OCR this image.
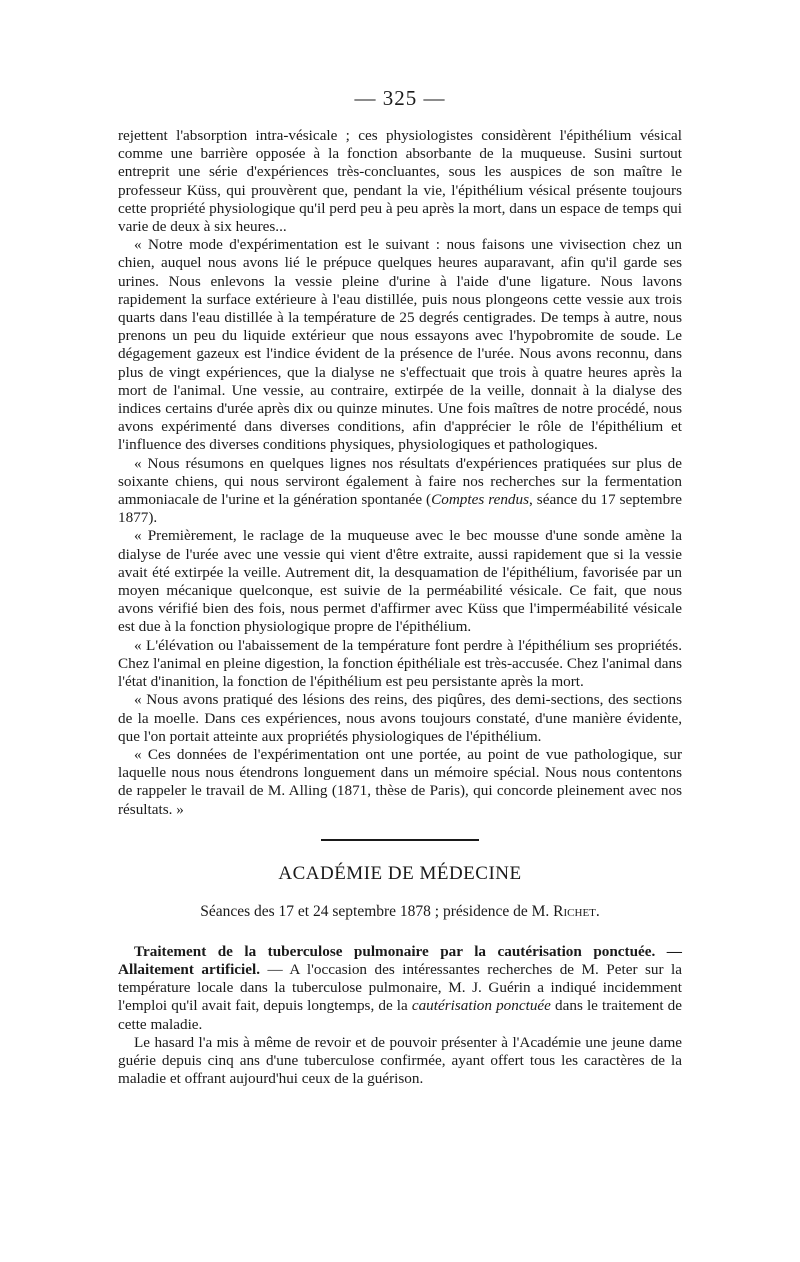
— 325 —

rejettent l'absorption intra-vésicale ; ces physiologistes considèrent l'épithélium vésical comme une barrière opposée à la fonction absorbante de la muqueuse. Susini surtout entreprit une série d'expériences très-concluantes, sous les auspices de son maître le professeur Küss, qui prouvèrent que, pendant la vie, l'épithélium vésical présente toujours cette propriété physiologique qu'il perd peu à peu après la mort, dans un espace de temps qui varie de deux à six heures...

« Notre mode d'expérimentation est le suivant : nous faisons une vivisection chez un chien, auquel nous avons lié le prépuce quelques heures auparavant, afin qu'il garde ses urines. Nous enlevons la vessie pleine d'urine à l'aide d'une ligature. Nous lavons rapidement la surface extérieure à l'eau distillée, puis nous plongeons cette vessie aux trois quarts dans l'eau distillée à la température de 25 degrés centigrades. De temps à autre, nous prenons un peu du liquide extérieur que nous essayons avec l'hypobromite de soude. Le dégagement gazeux est l'indice évident de la présence de l'urée. Nous avons reconnu, dans plus de vingt expériences, que la dialyse ne s'effectuait que trois à quatre heures après la mort de l'animal. Une vessie, au contraire, extirpée de la veille, donnait à la dialyse des indices certains d'urée après dix ou quinze minutes. Une fois maîtres de notre procédé, nous avons expérimenté dans diverses conditions, afin d'apprécier le rôle de l'épithélium et l'influence des diverses conditions physiques, physiologiques et pathologiques.

« Nous résumons en quelques lignes nos résultats d'expériences pratiquées sur plus de soixante chiens, qui nous serviront également à faire nos recherches sur la fermentation ammoniacale de l'urine et la génération spontanée (Comptes rendus, séance du 17 septembre 1877).

« Premièrement, le raclage de la muqueuse avec le bec mousse d'une sonde amène la dialyse de l'urée avec une vessie qui vient d'être extraite, aussi rapidement que si la vessie avait été extirpée la veille. Autrement dit, la desquamation de l'épithélium, favorisée par un moyen mécanique quelconque, est suivie de la perméabilité vésicale. Ce fait, que nous avons vérifié bien des fois, nous permet d'affirmer avec Küss que l'imperméabilité vésicale est due à la fonction physiologique propre de l'épithélium.

« L'élévation ou l'abaissement de la température font perdre à l'épithélium ses propriétés. Chez l'animal en pleine digestion, la fonction épithéliale est très-accusée. Chez l'animal dans l'état d'inanition, la fonction de l'épithélium est peu persistante après la mort.

« Nous avons pratiqué des lésions des reins, des piqûres, des demi-sections, des sections de la moelle. Dans ces expériences, nous avons toujours constaté, d'une manière évidente, que l'on portait atteinte aux propriétés physiologiques de l'épithélium.

« Ces données de l'expérimentation ont une portée, au point de vue pathologique, sur laquelle nous nous étendrons longuement dans un mémoire spécial. Nous nous contentons de rappeler le travail de M. Alling (1871, thèse de Paris), qui concorde pleinement avec nos résultats. »

ACADÉMIE DE MÉDECINE
Séances des 17 et 24 septembre 1878 ; présidence de M. Richet.

Traitement de la tuberculose pulmonaire par la cautérisation ponctuée. — Allaitement artificiel. — A l'occasion des intéressantes recherches de M. Peter sur la température locale dans la tuberculose pulmonaire, M. J. Guérin a indiqué incidemment l'emploi qu'il avait fait, depuis longtemps, de la cautérisation ponctuée dans le traitement de cette maladie.

Le hasard l'a mis à même de revoir et de pouvoir présenter à l'Académie une jeune dame guérie depuis cinq ans d'une tuberculose confirmée, ayant offert tous les caractères de la maladie et offrant aujourd'hui ceux de la guérison.
